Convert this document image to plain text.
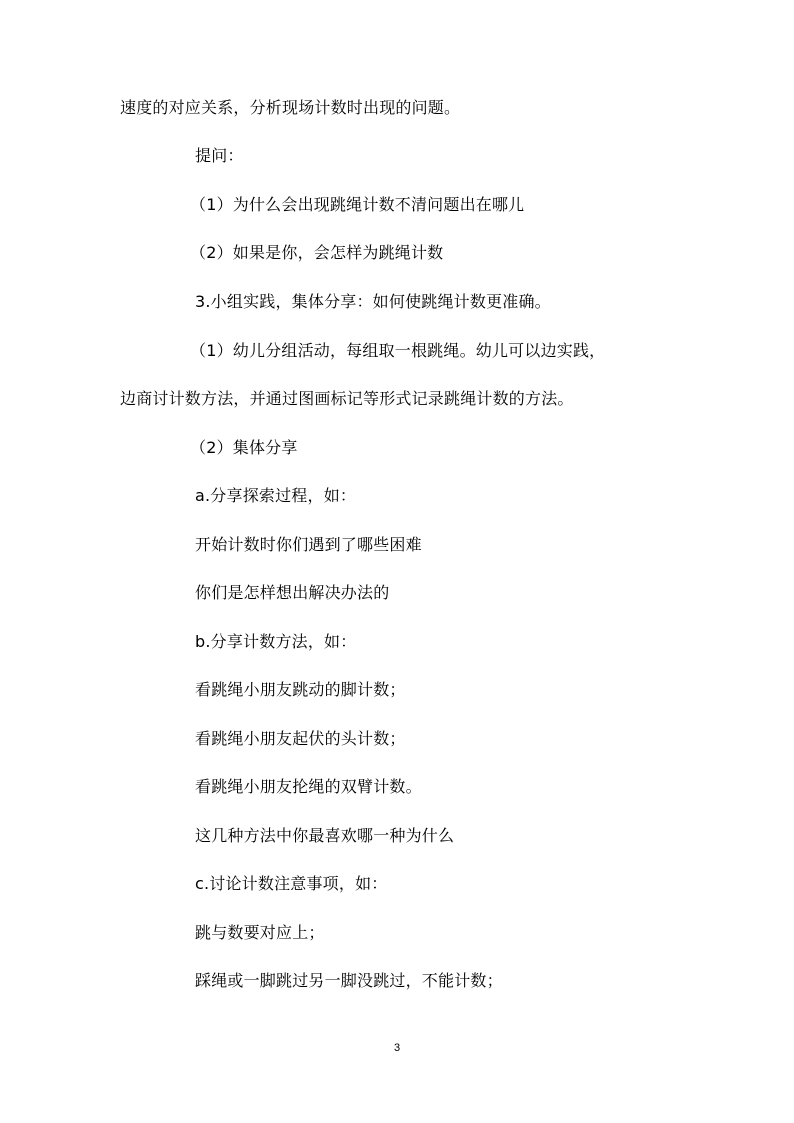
速度的对应关系，分析现场计数时出现的问题。
提问：
（1）为什么会出现跳绳计数不清问题出在哪儿
（2）如果是你，会怎样为跳绳计数
3.小组实践，集体分享：如何使跳绳计数更准确。
（1）幼儿分组活动，每组取一根跳绳。幼儿可以边实践，
边商讨计数方法，并通过图画标记等形式记录跳绳计数的方法。
（2）集体分享
a.分享探索过程，如：
开始计数时你们遇到了哪些困难
你们是怎样想出解决办法的
b.分享计数方法，如：
看跳绳小朋友跳动的脚计数；
看跳绳小朋友起伏的头计数；
看跳绳小朋友抡绳的双臂计数。
这几种方法中你最喜欢哪一种为什么
c.讨论计数注意事项，如：
跳与数要对应上；
踩绳或一脚跳过另一脚没跳过，不能计数；
3
